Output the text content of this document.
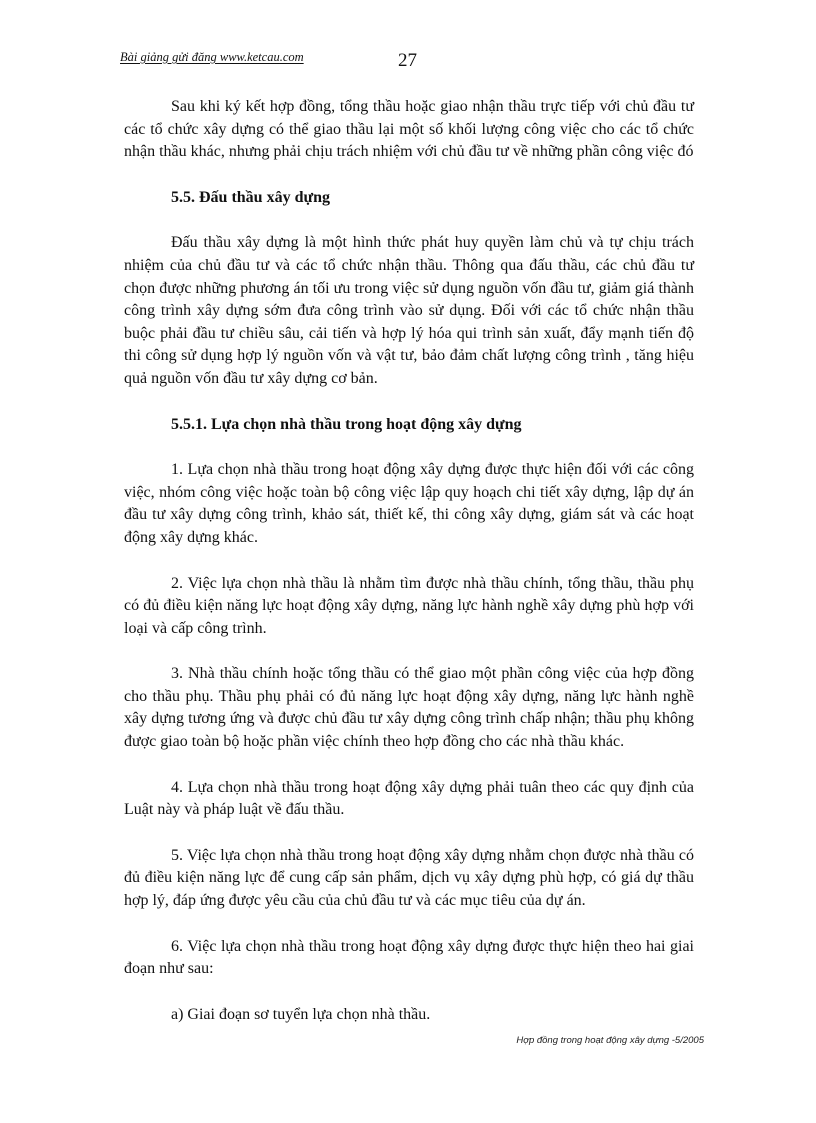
Bài giảng gửi đăng www.ketcau.com	27

Sau khi ký kết hợp đồng, tổng thầu hoặc giao nhận thầu trực tiếp với chủ đầu tư các tổ chức xây dựng có thể giao thầu lại một số khối lượng công việc cho các tổ chức nhận thầu khác, nhưng phải chịu trách nhiệm với chủ đầu tư về những phần công việc đó

5.5. Đấu thầu xây dựng

Đấu thầu xây dựng là một hình thức phát huy quyền làm chủ và tự chịu trách nhiệm của chủ đầu tư và các tổ chức nhận thầu. Thông qua đấu thầu, các chủ đầu tư chọn được những phương án tối ưu trong việc sử dụng nguồn vốn đầu tư, giảm giá thành công trình xây dựng sớm đưa công trình vào sử dụng. Đối với các tổ chức nhận thầu buộc phải đầu tư chiều sâu, cải tiến và hợp lý hóa qui trình sản xuất, đẩy mạnh tiến độ thi công sử dụng hợp lý nguồn vốn và vật tư, bảo đảm chất lượng công trình , tăng hiệu quả nguồn vốn đầu tư xây dựng cơ bản.

5.5.1. Lựa chọn nhà thầu trong hoạt động xây dựng

1. Lựa chọn nhà thầu trong hoạt động xây dựng được thực hiện đối với các công việc, nhóm công việc hoặc toàn bộ công việc lập quy hoạch chi tiết xây dựng, lập dự án đầu tư xây dựng công trình, khảo sát, thiết kế, thi công xây dựng, giám sát và các hoạt động xây dựng khác.

2. Việc lựa chọn nhà thầu là nhằm tìm được nhà thầu chính, tổng thầu, thầu phụ có đủ điều kiện năng lực hoạt động xây dựng, năng lực hành nghề xây dựng phù hợp với loại và cấp công trình.

3. Nhà thầu chính hoặc tổng thầu có thể giao một phần công việc của hợp đồng cho thầu phụ. Thầu phụ phải có đủ năng lực hoạt động xây dựng, năng lực hành nghề xây dựng tương ứng và được chủ đầu tư xây dựng công trình chấp nhận; thầu phụ không được giao toàn bộ hoặc phần việc chính theo hợp đồng cho các nhà thầu khác.

4. Lựa chọn nhà thầu trong hoạt động xây dựng phải tuân theo các quy định của Luật này và pháp luật về đấu thầu.

5. Việc lựa chọn nhà thầu trong hoạt động xây dựng nhằm chọn được nhà thầu có đủ điều kiện năng lực để cung cấp sản phẩm, dịch vụ xây dựng phù hợp, có giá dự thầu hợp lý, đáp ứng được yêu cầu của chủ đầu tư và các mục tiêu của dự án.

6. Việc lựa chọn nhà thầu trong hoạt động xây dựng được thực hiện theo hai giai đoạn như sau:

a) Giai đoạn sơ tuyển lựa chọn nhà thầu.

Hợp đồng trong hoạt động xây dựng -5/2005
